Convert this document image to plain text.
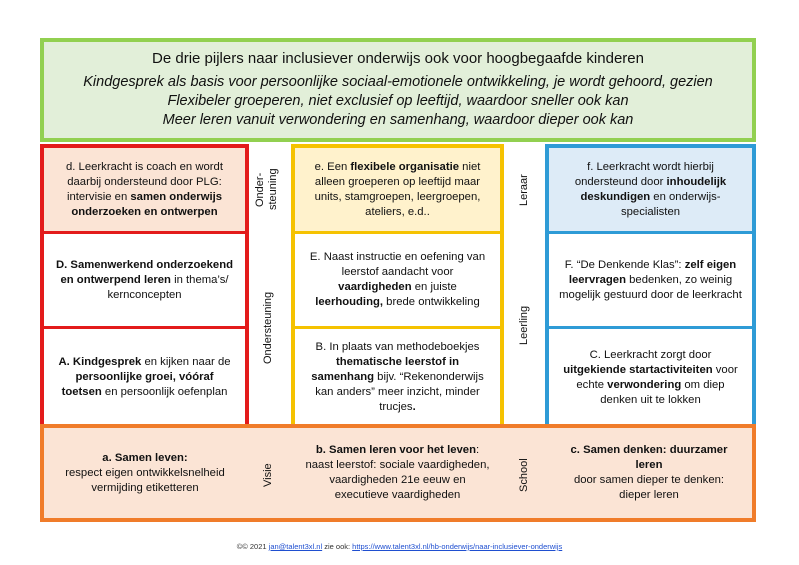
De drie pijlers naar inclusiever onderwijs ook voor hoogbegaafde kinderen
Kindgesprek als basis voor persoonlijke sociaal-emotionele ontwikkeling, je wordt gehoord, gezien
Flexibeler groeperen, niet exclusief op leeftijd, waardoor sneller ook kan
Meer leren vanuit verwondering en samenhang, waardoor dieper ook kan
d. Leerkracht is coach en wordt daarbij ondersteund door PLG: intervisie en samen onderwijs onderzoeken en ontwerpen
D. Samenwerkend onderzoekend en ontwerpend leren in thema’s/ kernconcepten
A. Kindgesprek en kijken naar de persoonlijke groei, vóóraf toetsen en persoonlijk oefenplan
Onder-
steuning
Ondersteuning
e. Een flexibele organisatie niet alleen groeperen op leeftijd maar units, stamgroepen, leergroepen, ateliers, e.d..
E. Naast instructie en oefening van leerstof aandacht voor vaardigheden en juiste leerhouding, brede ontwikkeling
B. In plaats van methodeboekjes thematische leerstof in samenhang bijv. “Rekenonderwijs kan anders” meer inzicht, minder trucjes.
Leraar
Leerling
f. Leerkracht wordt hierbij ondersteund door inhoudelijk deskundigen en onderwijs-specialisten
F. “De Denkende Klas”: zelf eigen leervragen bedenken, zo weinig mogelijk gestuurd door de leerkracht
C. Leerkracht zorgt door uitgekiende startactiviteiten voor echte verwondering om diep denken uit te lokken
a. Samen leven:
respect eigen ontwikkelsnelheid vermijding etiketteren
Visie
b. Samen leren voor het leven:
naast leerstof: sociale vaardigheden, vaardigheden 21e eeuw en executieve vaardigheden
School
c. Samen denken: duurzamer leren
door samen dieper te denken: dieper leren
©© 2021 jan@talent3xl.nl zie ook: https://www.talent3xl.nl/hb-onderwijs/naar-inclusiever-onderwijs
